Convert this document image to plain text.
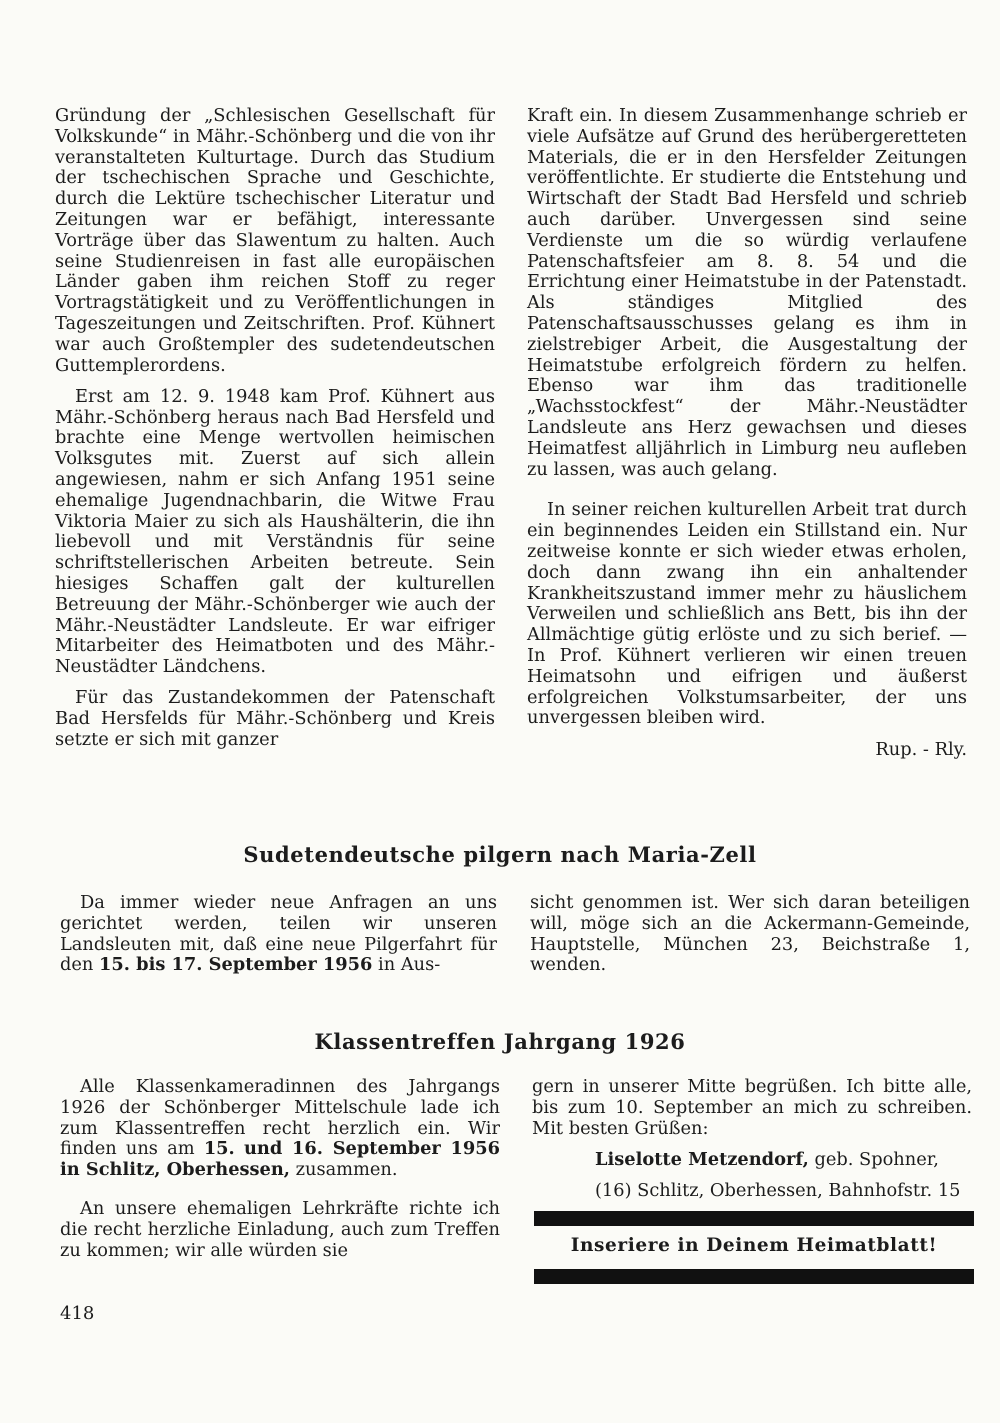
Gründung der „Schlesischen Gesellschaft für Volkskunde“ in Mähr.-Schönberg und die von ihr veranstalteten Kulturtage. Durch das Studium der tschechischen Sprache und Geschichte, durch die Lektüre tschechischer Literatur und Zeitungen war er befähigt, interessante Vorträge über das Slawentum zu halten. Auch seine Studienreisen in fast alle europäischen Länder gaben ihm reichen Stoff zu reger Vortragstätigkeit und zu Veröffentlichungen in Tageszeitungen und Zeitschriften. Prof. Kühnert war auch Großtempler des sudetendeutschen Guttemplerordens.

Erst am 12. 9. 1948 kam Prof. Kühnert aus Mähr.-Schönberg heraus nach Bad Hersfeld und brachte eine Menge wertvollen heimischen Volksgutes mit. Zuerst auf sich allein angewiesen, nahm er sich Anfang 1951 seine ehemalige Jugendnachbarin, die Witwe Frau Viktoria Maier zu sich als Haushälterin, die ihn liebevoll und mit Verständnis für seine schriftstellerischen Arbeiten betreute. Sein hiesiges Schaffen galt der kulturellen Betreuung der Mähr.-Schönberger wie auch der Mähr.-Neustädter Landsleute. Er war eifriger Mitarbeiter des Heimatboten und des Mähr.-Neustädter Ländchens.

Für das Zustandekommen der Patenschaft Bad Hersfelds für Mähr.-Schönberg und Kreis setzte er sich mit ganzer

Kraft ein. In diesem Zusammenhange schrieb er viele Aufsätze auf Grund des herübergeretteten Materials, die er in den Hersfelder Zeitungen veröffentlichte. Er studierte die Entstehung und Wirtschaft der Stadt Bad Hersfeld und schrieb auch darüber. Unvergessen sind seine Verdienste um die so würdig verlaufene Patenschaftsfeier am 8. 8. 54 und die Errichtung einer Heimatstube in der Patenstadt. Als ständiges Mitglied des Patenschaftsausschusses gelang es ihm in zielstrebiger Arbeit, die Ausgestaltung der Heimatstube erfolgreich fördern zu helfen. Ebenso war ihm das traditionelle „Wachsstockfest“ der Mähr.-Neustädter Landsleute ans Herz gewachsen und dieses Heimatfest alljährlich in Limburg neu aufleben zu lassen, was auch gelang.

In seiner reichen kulturellen Arbeit trat durch ein beginnendes Leiden ein Stillstand ein. Nur zeitweise konnte er sich wieder etwas erholen, doch dann zwang ihn ein anhaltender Krankheitszustand immer mehr zu häuslichem Verweilen und schließlich ans Bett, bis ihn der Allmächtige gütig erlöste und zu sich berief. — In Prof. Kühnert verlieren wir einen treuen Heimatsohn und eifrigen und äußerst erfolgreichen Volkstumsarbeiter, der uns unvergessen bleiben wird.

Rup. - Rly.

Sudetendeutsche pilgern nach Maria-Zell

Da immer wieder neue Anfragen an uns gerichtet werden, teilen wir unseren Landsleuten mit, daß eine neue Pilgerfahrt für den 15. bis 17. September 1956 in Aus-

sicht genommen ist. Wer sich daran beteiligen will, möge sich an die Ackermann-Gemeinde, Hauptstelle, München 23, Beichstraße 1, wenden.

Klassentreffen Jahrgang 1926

Alle Klassenkameradinnen des Jahrgangs 1926 der Schönberger Mittelschule lade ich zum Klassentreffen recht herzlich ein. Wir finden uns am 15. und 16. September 1956 in Schlitz, Oberhessen, zusammen.

An unsere ehemaligen Lehrkräfte richte ich die recht herzliche Einladung, auch zum Treffen zu kommen; wir alle würden sie

gern in unserer Mitte begrüßen. Ich bitte alle, bis zum 10. September an mich zu schreiben. Mit besten Grüßen:

Liselotte Metzendorf, geb. Spohner,

(16) Schlitz, Oberhessen, Bahnhofstr. 15

Inseriere in Deinem Heimatblatt!
418
